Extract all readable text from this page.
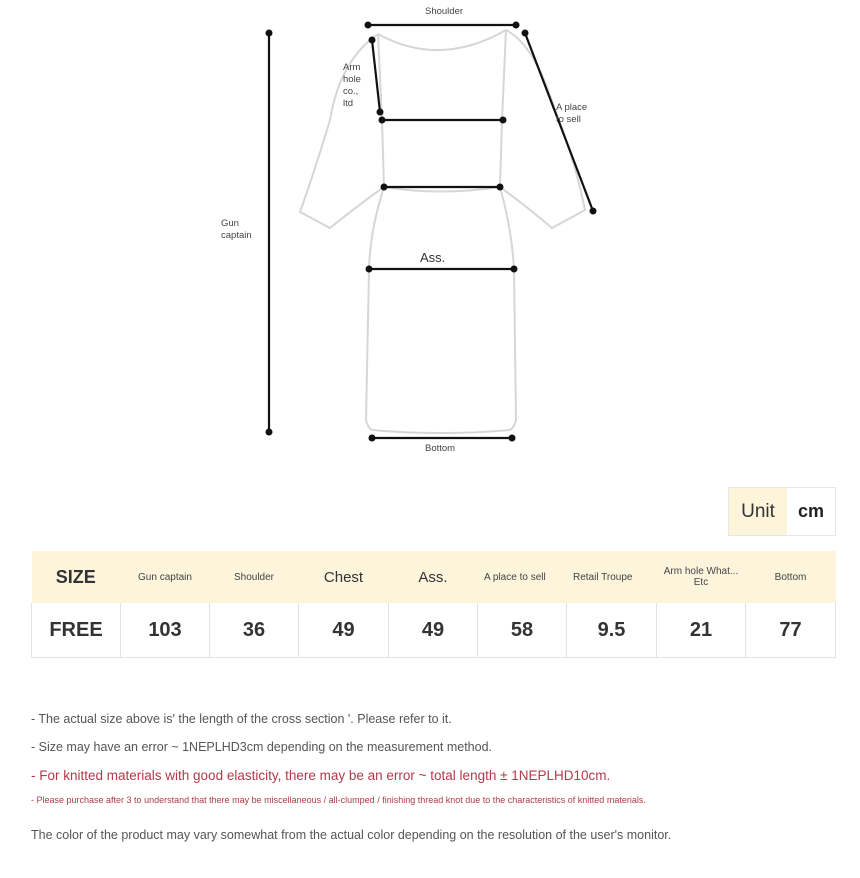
Shoulder
Arm
hole
co.,
ltd	A place
to sell
Gun
captain
Ass.
Bottom
Unit	cm
SIZE	Gun captain	Shoulder	Chest	Ass.	A place to sell	Retail Troupe	Arm hole What... Etc	Bottom
FREE	103	36	49	49	58	9.5	21	77
- The actual size above is' the length of the cross section '. Please refer to it.
- Size may have an error ~ 1NEPLHD3cm depending on the measurement method.
- For knitted materials with good elasticity, there may be an error ~ total length ± 1NEPLHD10cm.
- Please purchase after 3 to understand that there may be miscellaneous / all-clumped / finishing thread knot due to the characteristics of knitted materials.
The color of the product may vary somewhat from the actual color depending on the resolution of the user's monitor.
